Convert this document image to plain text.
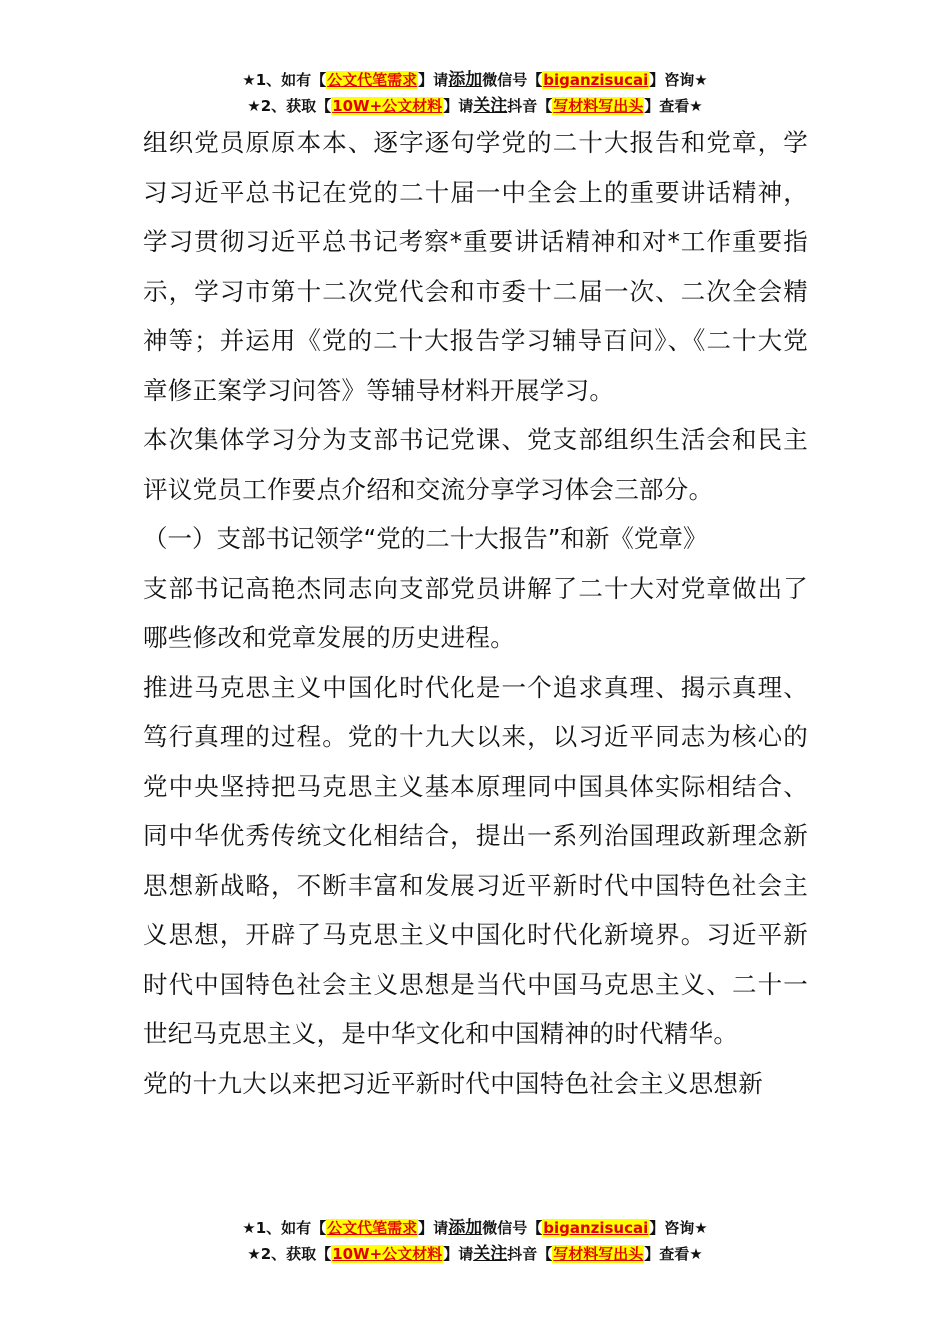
★1、如有【公文代笔需求】请添加微信号【biganzisucai】咨询★
★2、获取【10W+公文材料】请关注抖音【写材料写出头】查看★

组织党员原原本本、逐字逐句学党的二十大报告和党章，学习习近平总书记在党的二十届一中全会上的重要讲话精神，学习贯彻习近平总书记考察*重要讲话精神和对*工作重要指示，学习市第十二次党代会和市委十二届一次、二次全会精神等；并运用《党的二十大报告学习辅导百问》、《二十大党章修正案学习问答》等辅导材料开展学习。

本次集体学习分为支部书记党课、党支部组织生活会和民主评议党员工作要点介绍和交流分享学习体会三部分。

（一）支部书记领学“党的二十大报告”和新《党章》

支部书记高艳杰同志向支部党员讲解了二十大对党章做出了哪些修改和党章发展的历史进程。

推进马克思主义中国化时代化是一个追求真理、揭示真理、笃行真理的过程。党的十九大以来，以习近平同志为核心的党中央坚持把马克思主义基本原理同中国具体实际相结合、同中华优秀传统文化相结合，提出一系列治国理政新理念新思想新战略，不断丰富和发展习近平新时代中国特色社会主义思想，开辟了马克思主义中国化时代化新境界。习近平新时代中国特色社会主义思想是当代中国马克思主义、二十一世纪马克思主义，是中华文化和中国精神的时代精华。

党的十九大以来把习近平新时代中国特色社会主义思想新

★1、如有【公文代笔需求】请添加微信号【biganzisucai】咨询★
★2、获取【10W+公文材料】请关注抖音【写材料写出头】查看★
